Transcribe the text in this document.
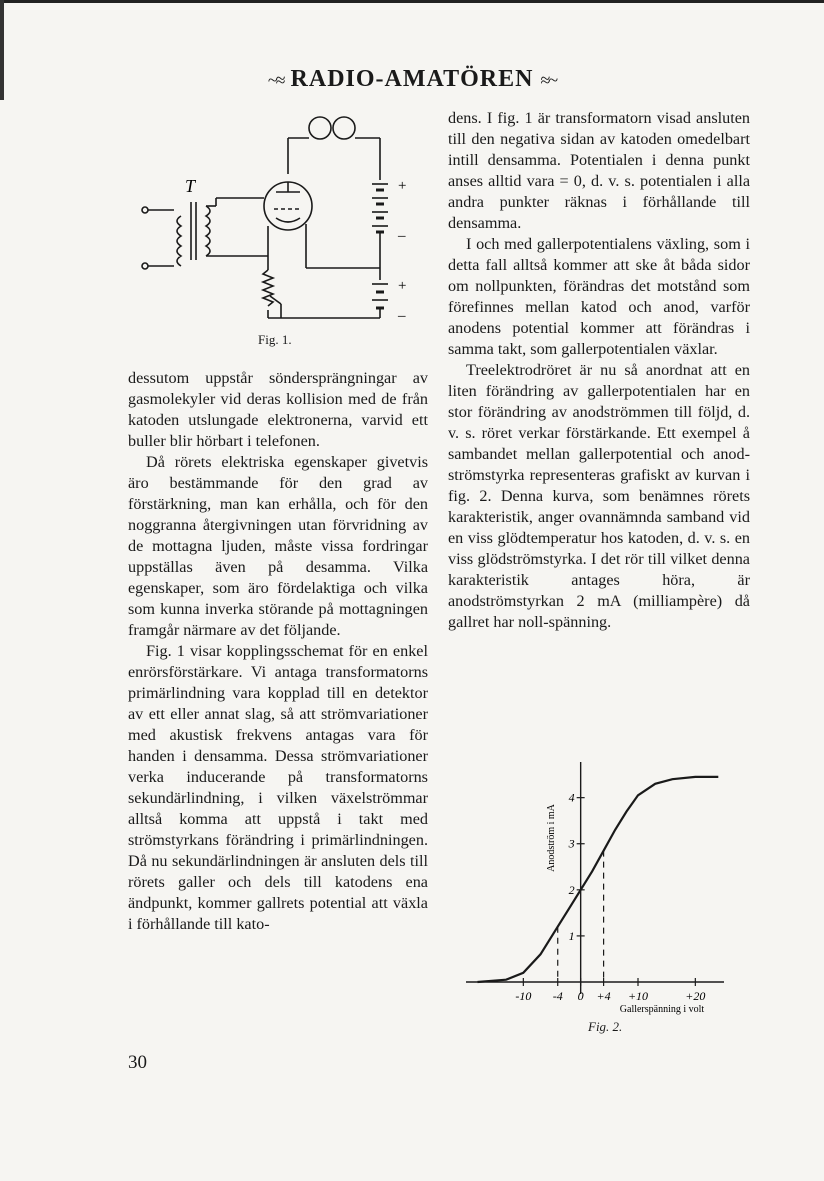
~≈ RADIO-AMATÖREN ≈~
T	+
–
+
–
Fig. 1.

dessutom uppstår söndersprängningar av gasmolekyler vid deras kollision med de från katoden utslungade elektronerna, varvid ett buller blir hörbart i telefonen.

Då rörets elektriska egenskaper givetvis äro bestämmande för den grad av förstärkning, man kan erhålla, och för den noggranna återgivningen utan förvridning av de mottagna ljuden, måste vissa fordringar uppställas även på desamma. Vilka egenskaper, som äro fördelaktiga och vilka som kunna inverka störande på mottagningen framgår närmare av det följande.

Fig. 1 visar kopplingsschemat för en enkel enrörsförstärkare. Vi antaga transformatorns primärlindning vara kopplad till en detektor av ett eller annat slag, så att strömvariationer med akustisk frekvens antagas vara för handen i densamma. Dessa strömvariationer verka inducerande på transformatorns sekundärlindning, i vilken växelströmmar alltså komma att uppstå i takt med strömstyrkans förändring i primärlindningen. Då nu sekundärlindningen är ansluten dels till rörets galler och dels till katodens ena ändpunkt, kommer gallrets potential att växla i förhållande till kato-

dens. I fig. 1 är transformatorn visad ansluten till den negativa sidan av katoden omedelbart intill densamma. Potentialen i denna punkt anses alltid vara = 0, d. v. s. potentialen i alla andra punkter räknas i förhållande till densamma.

I och med gallerpotentialens växling, som i detta fall alltså kommer att ske åt båda sidor om nollpunkten, förändras det motstånd som förefinnes mellan katod och anod, varför anodens potential kommer att förändras i samma takt, som gallerpotentialen växlar.

Treelektrodröret är nu så anordnat att en liten förändring av gallerpotentialen har en stor förändring av anodströmmen till följd, d. v. s. röret verkar förstärkande. Ett exempel å sambandet mellan gallerpotential och anodströmstyrka representeras grafiskt av kurvan i fig. 2. Denna kurva, som benämnes rörets karakteristik, anger ovannämnda samband vid en viss glödtemperatur hos katoden, d. v. s. en viss glödströmstyrka. I det rör till vilket denna karakteristik antages höra, är anodströmstyrkan 2 mA (milliampère) då gallret har noll-spänning.

-10 -4 0 +4 +10	+20
1
2
3
4
Anodström i mA
Gallerspänning i volt
Fig. 2.
30
